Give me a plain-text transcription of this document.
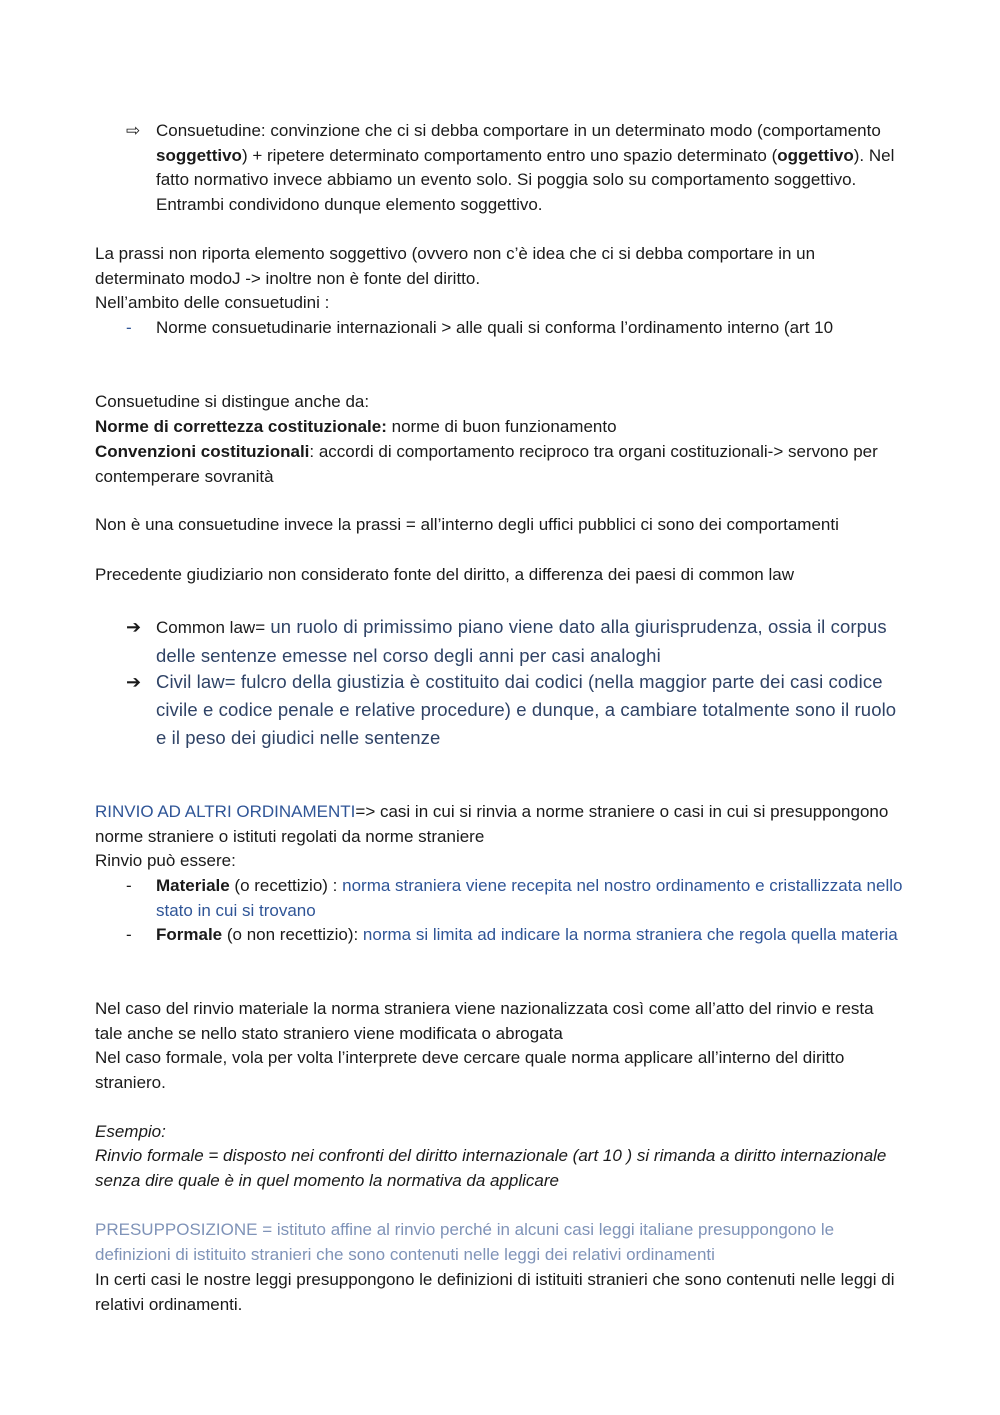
⇨ Consuetudine: convinzione che ci si debba comportare in un determinato modo (comportamento soggettivo) + ripetere determinato comportamento entro uno spazio determinato (oggettivo). Nel fatto normativo invece abbiamo un evento solo. Si poggia solo su comportamento soggettivo. Entrambi condividono dunque elemento soggettivo.

La prassi non riporta elemento soggettivo (ovvero non c’è idea che ci si debba comportare in un determinato modoJ -> inoltre non è fonte del diritto.

Nell’ambito delle consuetudini :

-	Norme consuetudinarie internazionali > alle quali si conforma l’ordinamento interno (art 10

Consuetudine si distingue anche da:

Norme di correttezza costituzionale: norme di buon funzionamento

Convenzioni costituzionali: accordi di comportamento reciproco tra organi costituzionali-> servono per contemperare sovranità

Non è una consuetudine invece la prassi = all’interno degli uffici pubblici ci sono dei comportamenti

Precedente giudiziario non considerato fonte del diritto, a differenza dei paesi di common law

➔ Common law= un ruolo di primissimo piano viene dato alla giurisprudenza, ossia il corpus delle sentenze emesse nel corso degli anni per casi analoghi
➔ Civil law= fulcro della giustizia è costituito dai codici (nella maggior parte dei casi codice civile e codice penale e relative procedure) e dunque, a cambiare totalmente sono il ruolo e il peso dei giudici nelle sentenze

RINVIO AD ALTRI ORDINAMENTI=> casi in cui si rinvia a norme straniere o casi in cui si presuppongono norme straniere o istituti regolati da norme straniere

Rinvio può essere:

-	Materiale (o recettizio) : norma straniera viene recepita nel nostro ordinamento e cristallizzata nello stato in cui si trovano
-	Formale (o non recettizio): norma si limita ad indicare la norma straniera che regola quella materia

Nel caso del rinvio materiale la norma straniera viene nazionalizzata così come all’atto del rinvio e resta tale anche se nello stato straniero viene modificata o abrogata

Nel caso formale, vola per volta l’interprete deve cercare quale norma applicare all’interno del diritto straniero.

Esempio:

Rinvio formale = disposto nei confronti del diritto internazionale (art 10 ) si rimanda a diritto internazionale senza dire quale è in quel momento la normativa da applicare

PRESUPPOSIZIONE = istituto affine al rinvio perché in alcuni casi leggi italiane presuppongono le definizioni di istituito stranieri che sono contenuti nelle leggi dei relativi ordinamenti

In certi casi le nostre leggi presuppongono le definizioni di istituiti stranieri che sono contenuti nelle leggi di relativi ordinamenti.
